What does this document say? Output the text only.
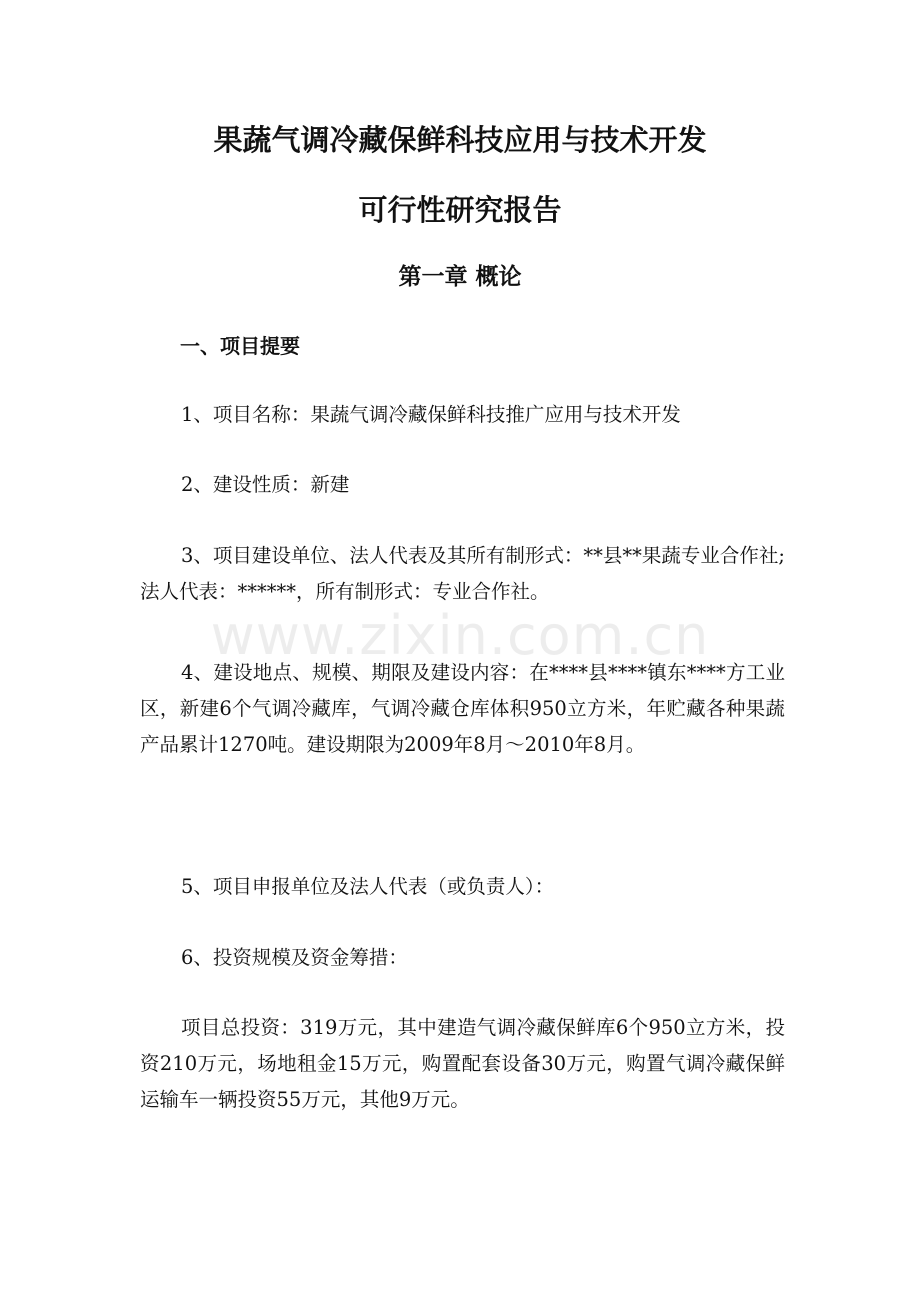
果蔬气调冷藏保鲜科技应用与技术开发
可行性研究报告
第一章 概论
一、项目提要

1、项目名称：果蔬气调冷藏保鲜科技推广应用与技术开发

2、建设性质：新建

3、项目建设单位、法人代表及其所有制形式：**县**果蔬专业合作社;法人代表：******，所有制形式：专业合作社。

4、建设地点、规模、期限及建设内容：在****县****镇东****方工业区，新建6个气调冷藏库，气调冷藏仓库体积950立方米，年贮藏各种果蔬产品累计1270吨。建设期限为2009年8月～2010年8月。

5、项目申报单位及法人代表（或负责人）：

6、投资规模及资金筹措：

项目总投资：319万元，其中建造气调冷藏保鲜库6个950立方米，投资210万元，场地租金15万元，购置配套设备30万元，购置气调冷藏保鲜运输车一辆投资55万元，其他9万元。

www.zixin.com.cn
